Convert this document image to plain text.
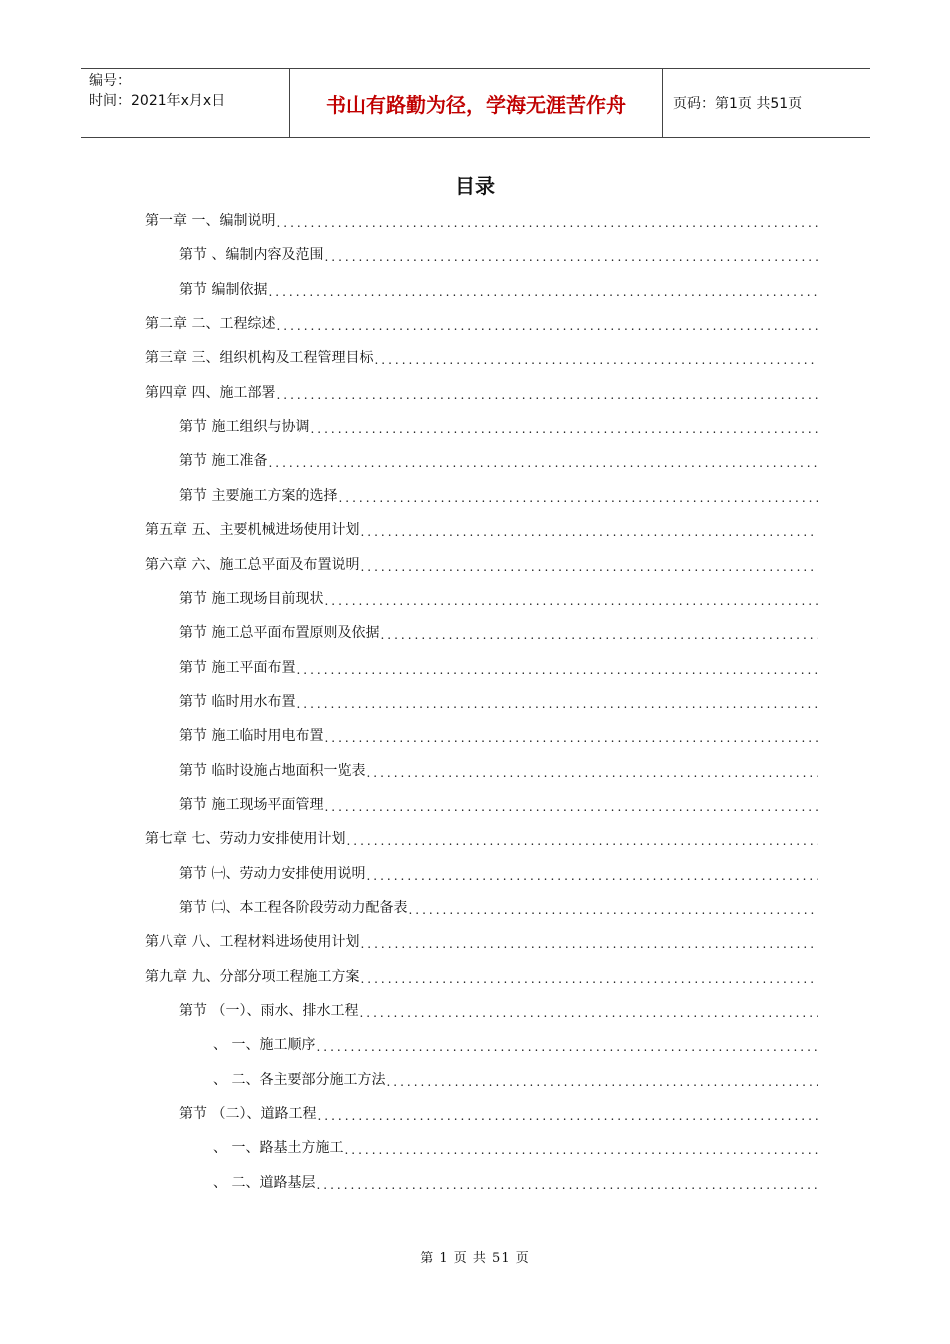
编号：
时间：2021年x月x日	书山有路勤为径，学海无涯苦作舟	页码：第1页 共51页
目录
第一章 一、编制说明
.....
第节 、编制内容及范围
.....
第节 编制依据
.....
第二章 二、工程综述
.....
第三章 三、组织机构及工程管理目标
.....
第四章 四、施工部署
.....
第节 施工组织与协调
.....
第节 施工准备
.....
第节 主要施工方案的选择
.....
第五章 五、主要机械进场使用计划
.....
第六章 六、施工总平面及布置说明
.....
第节 施工现场目前现状
.....
第节 施工总平面布置原则及依据
.....
第节 施工平面布置
.....
第节 临时用水布置
.....
第节 施工临时用电布置
.....
第节 临时设施占地面积一览表
.....
第节 施工现场平面管理
.....
第七章 七、劳动力安排使用计划
.....
第节 ㈠、劳动力安排使用说明
.....
第节 ㈡、本工程各阶段劳动力配备表
.....
第八章 八、工程材料进场使用计划
.....
第九章 九、分部分项工程施工方案
.....
第节 （一）、雨水、排水工程
.....
、 一、施工顺序
.....
、 二、各主要部分施工方法
.....
第节 （二）、道路工程
.....
、 一、路基土方施工
.....
、 二、道路基层
.....
第 1 页 共 51 页
